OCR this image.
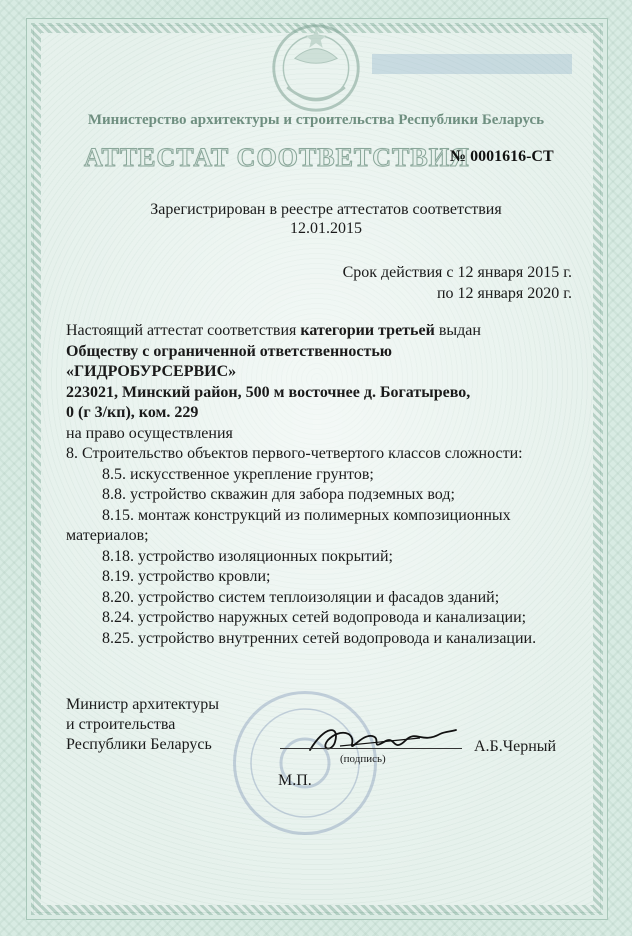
Министерство архитектуры и строительства Республики Беларусь
АТТЕСТАТ СООТВЕТСТВИЯ
№ 0001616-СТ
Зарегистрирован в реестре аттестатов соответствия
12.01.2015
Срок действия с 12 января 2015 г.
по 12 января 2020 г.
Настоящий аттестат соответствия категории третьей выдан
Обществу с ограниченной ответственностью
«ГИДРОБУРСЕРВИС»
223021, Минский район, 500 м восточнее д. Богатырево,
0 (г 3/кп), ком. 229
на право осуществления
8. Строительство объектов первого-четвертого классов сложности:
8.5. искусственное укрепление грунтов;
8.8. устройство скважин для забора подземных вод;
8.15. монтаж конструкций из полимерных композиционных
материалов;
8.18. устройство изоляционных покрытий;
8.19. устройство кровли;
8.20. устройство систем теплоизоляции и фасадов зданий;
8.24. устройство наружных сетей водопровода и канализации;
8.25. устройство внутренних сетей водопровода и канализации.
Министр архитектуры
и строительства
Республики Беларусь
(подпись)
А.Б.Черный
М.П.
